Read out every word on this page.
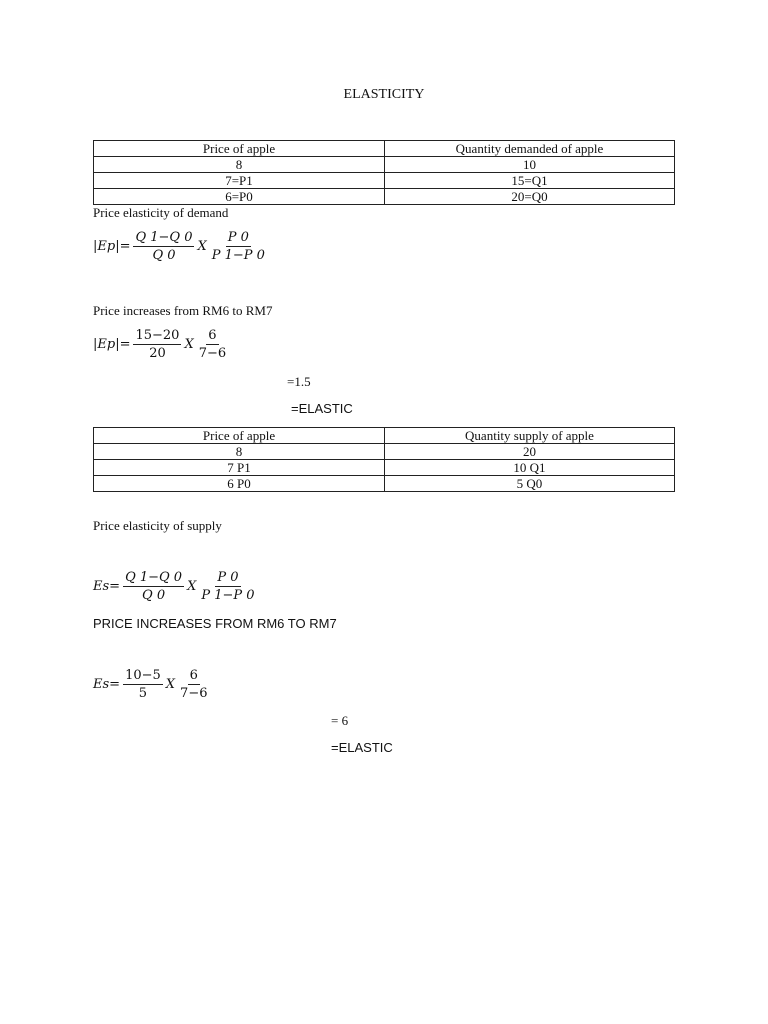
ELASTICITY
Price of apple	Quantity demanded of apple
8	10
7=P1	15=Q1
6=P0	20=Q0
Price elasticity of demand
$|Ep|= \frac{Q 1-Q 0}{Q 0}$ X $\frac{P 0}{P 1-P 0}$
Price increases from RM6 to RM7
$|Ep|= \frac{15-20}{20}$ X $\frac{6}{7-6}$
=1.5
=ELASTIC
Price of apple	Quantity supply of apple
8	20
7 P1	10 Q1
6 P0	5 Q0
Price elasticity of supply
$Es= \frac{Q 1-Q 0}{Q 0}$ X $\frac{P 0}{P 1-P 0}$
PRICE INCREASES FROM RM6 TO RM7
$Es= \frac{10-5}{5}$ X $\frac{6}{7-6}$
= 6
=ELASTIC
